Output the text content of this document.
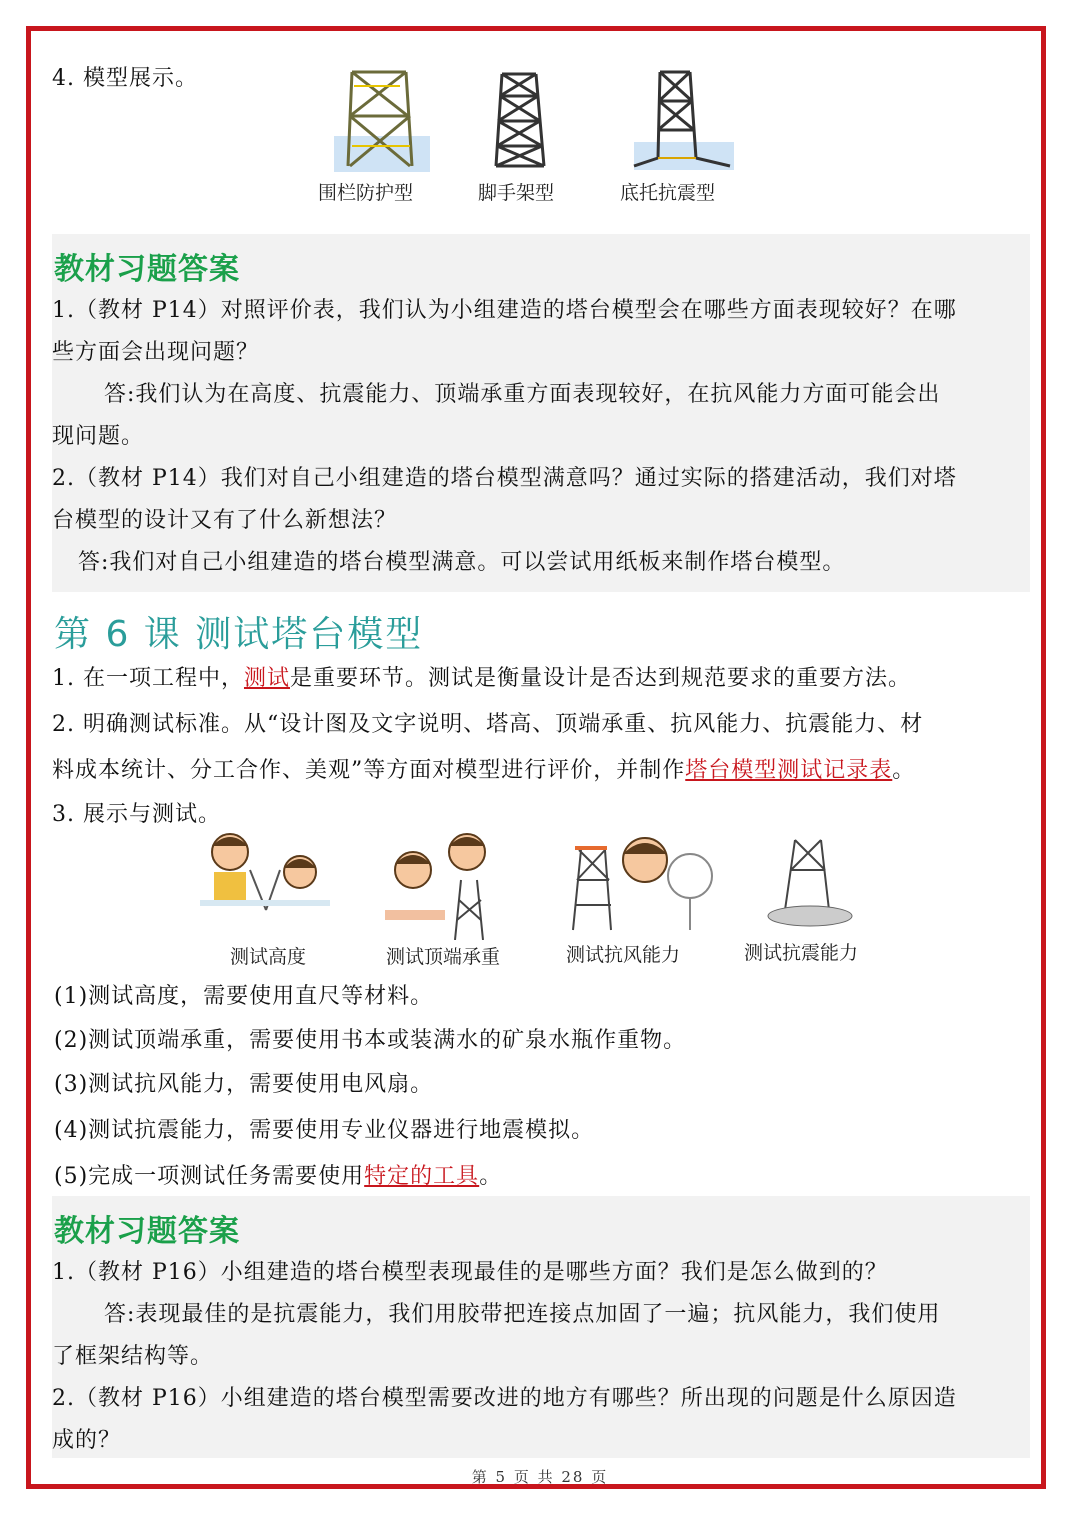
4. 模型展示。
围栏防护型	脚手架型	底托抗震型
教材习题答案
1.（教材 P14）对照评价表，我们认为小组建造的塔台模型会在哪些方面表现较好？在哪
些方面会出现问题？
答:我们认为在高度、抗震能力、顶端承重方面表现较好，在抗风能力方面可能会出
现问题。
2.（教材 P14）我们对自己小组建造的塔台模型满意吗？通过实际的搭建活动，我们对塔
台模型的设计又有了什么新想法？
答:我们对自己小组建造的塔台模型满意。可以尝试用纸板来制作塔台模型。
第 6 课 测试塔台模型
1. 在一项工程中，测试是重要环节。测试是衡量设计是否达到规范要求的重要方法。
2. 明确测试标准。从“设计图及文字说明、塔高、顶端承重、抗风能力、抗震能力、材
料成本统计、分工合作、美观”等方面对模型进行评价，并制作塔台模型测试记录表。
3. 展示与测试。
测试高度	测试顶端承重	测试抗风能力	测试抗震能力
(1)测试高度，需要使用直尺等材料。
(2)测试顶端承重，需要使用书本或装满水的矿泉水瓶作重物。
(3)测试抗风能力，需要使用电风扇。
(4)测试抗震能力，需要使用专业仪器进行地震模拟。
(5)完成一项测试任务需要使用特定的工具。
教材习题答案
1.（教材 P16）小组建造的塔台模型表现最佳的是哪些方面？我们是怎么做到的？
答:表现最佳的是抗震能力，我们用胶带把连接点加固了一遍；抗风能力，我们使用
了框架结构等。
2.（教材 P16）小组建造的塔台模型需要改进的地方有哪些？所出现的问题是什么原因造
成的？
第 5 页 共 28 页
